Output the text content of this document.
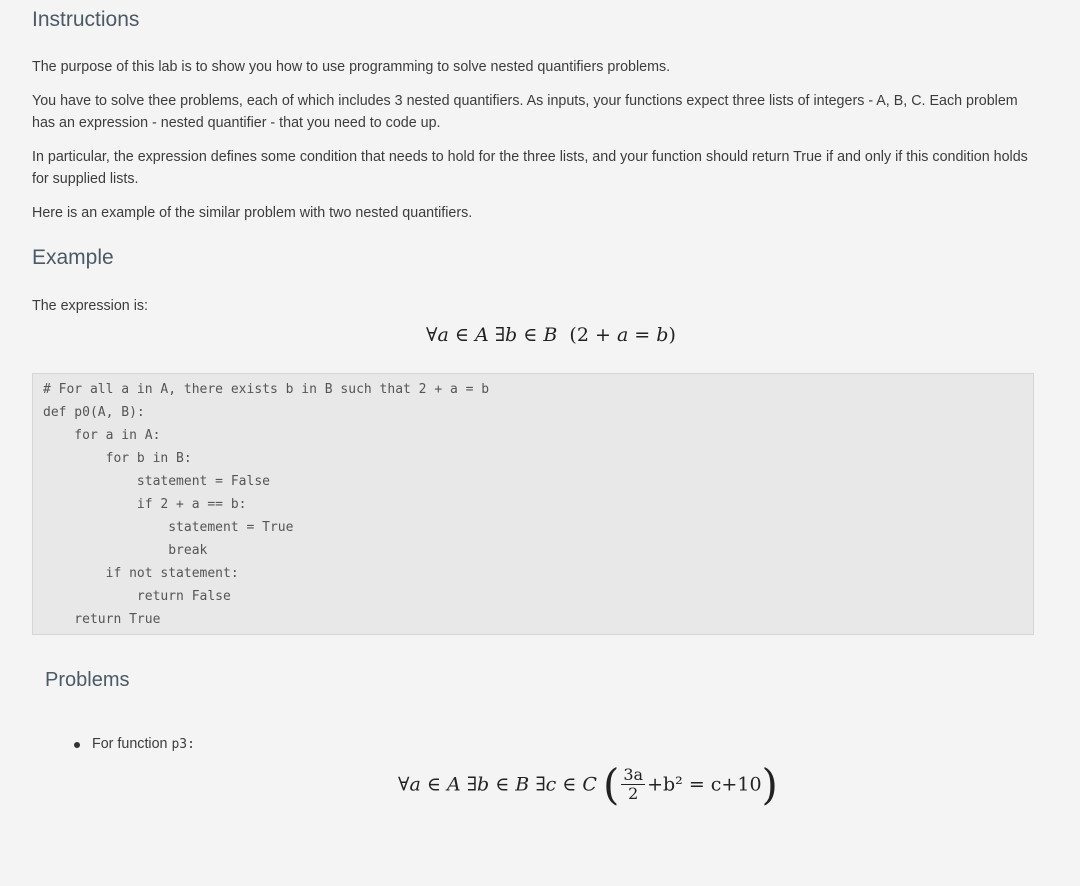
Instructions

The purpose of this lab is to show you how to use programming to solve nested quantifiers problems.

You have to solve thee problems, each of which includes 3 nested quantifiers. As inputs, your functions expect three lists of integers - A, B, C. Each problem has an expression - nested quantifier - that you need to code up.

In particular, the expression defines some condition that needs to hold for the three lists, and your function should return True if and only if this condition holds for supplied lists.

Here is an example of the similar problem with two nested quantifiers.

Example

The expression is:

∀a ∈ A ∃b ∈ B  (2 + a = b)
# For all a in A, there exists b in B such that 2 + a = b
def p0(A, B):
for a in A:
for b in B:
statement = False
if 2 + a == b:
statement = True
break
if not statement:
return False
return True
Problems
For function p3:
∀a ∈ A ∃b ∈ B ∃c ∈ C ( $\frac{3a}{2} +b^2 = c+10$)
